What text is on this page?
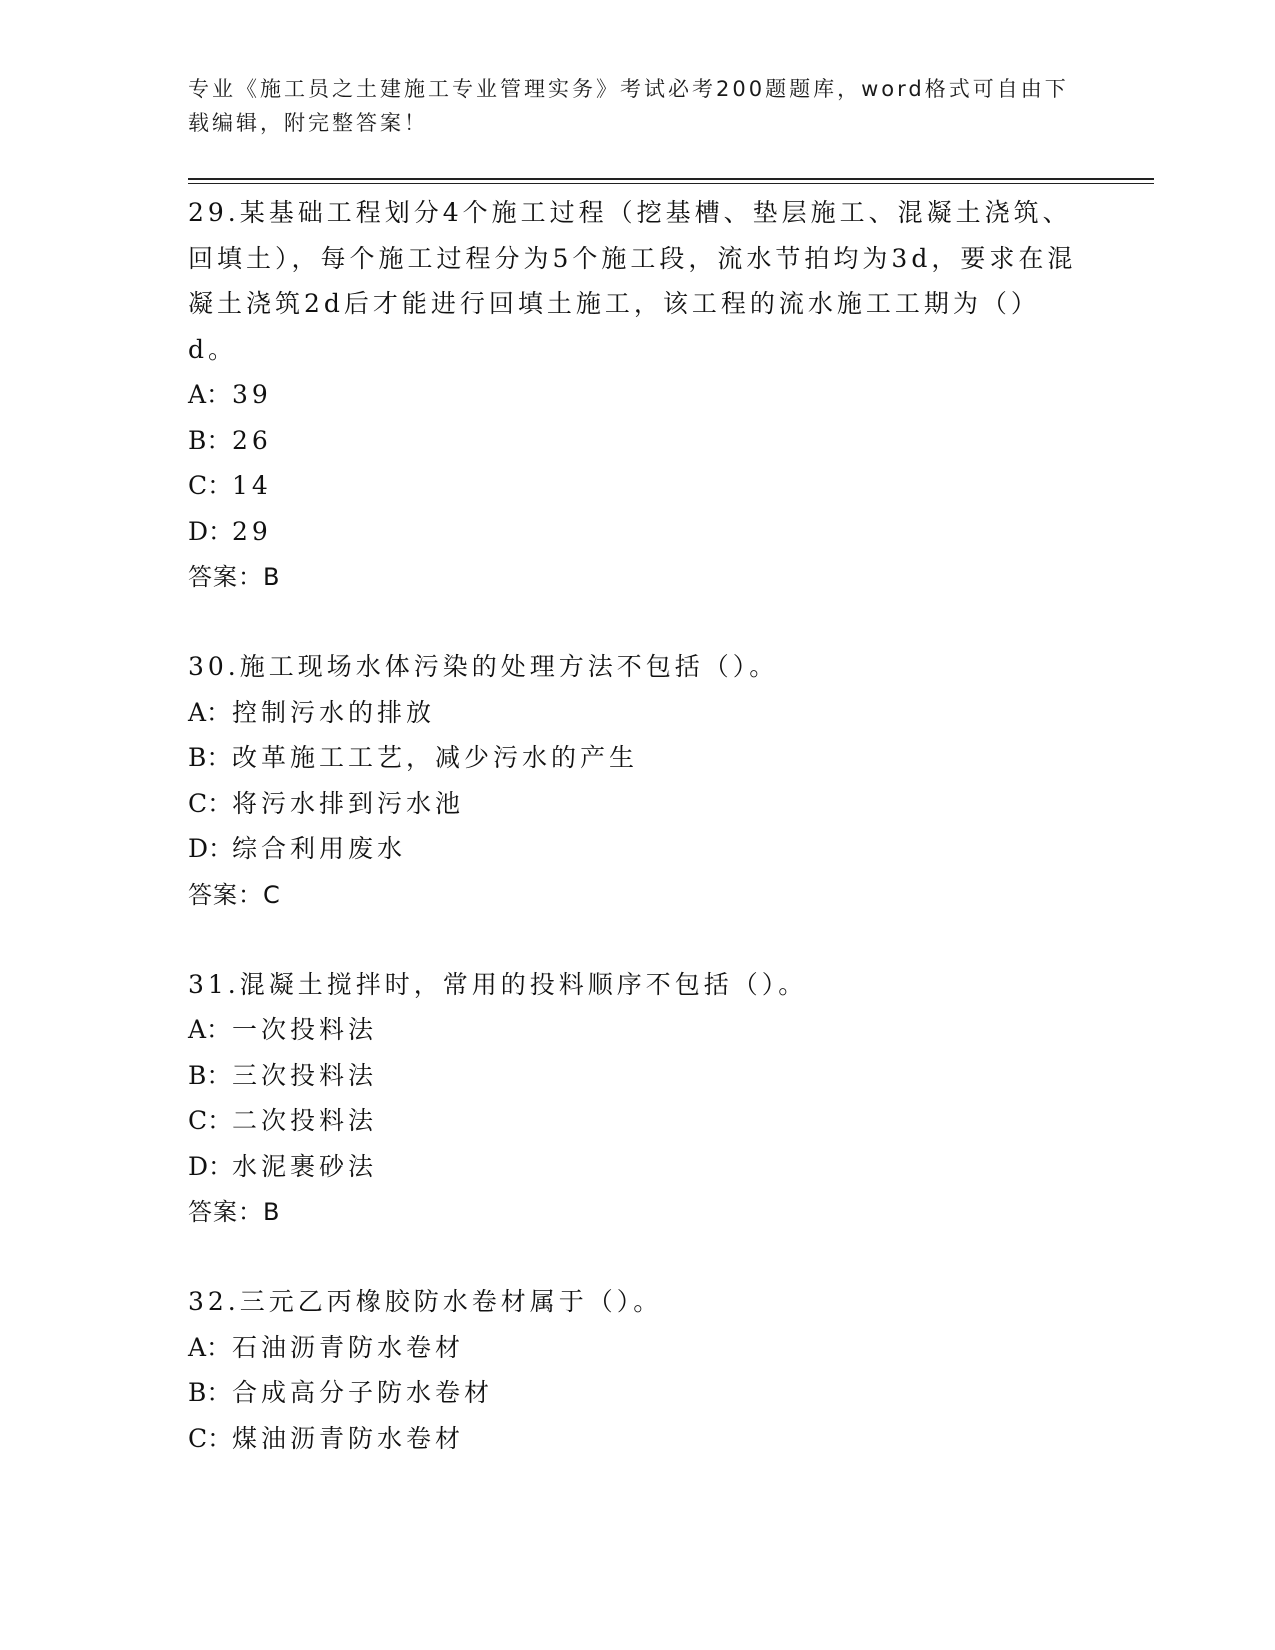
专业《施工员之土建施工专业管理实务》考试必考200题题库，word格式可自由下载编辑，附完整答案！
29.某基础工程划分4个施工过程（挖基槽、垫层施工、混凝土浇筑、回填土），每个施工过程分为5个施工段，流水节拍均为3d，要求在混凝土浇筑2d后才能进行回填土施工，该工程的流水施工工期为（）d。
A：39
B：26
C：14
D：29
答案：B
30.施工现场水体污染的处理方法不包括（）。
A：控制污水的排放
B：改革施工工艺，减少污水的产生
C：将污水排到污水池
D：综合利用废水
答案：C
31.混凝土搅拌时，常用的投料顺序不包括（）。
A：一次投料法
B：三次投料法
C：二次投料法
D：水泥裹砂法
答案：B
32.三元乙丙橡胶防水卷材属于（）。
A：石油沥青防水卷材
B：合成高分子防水卷材
C：煤油沥青防水卷材
